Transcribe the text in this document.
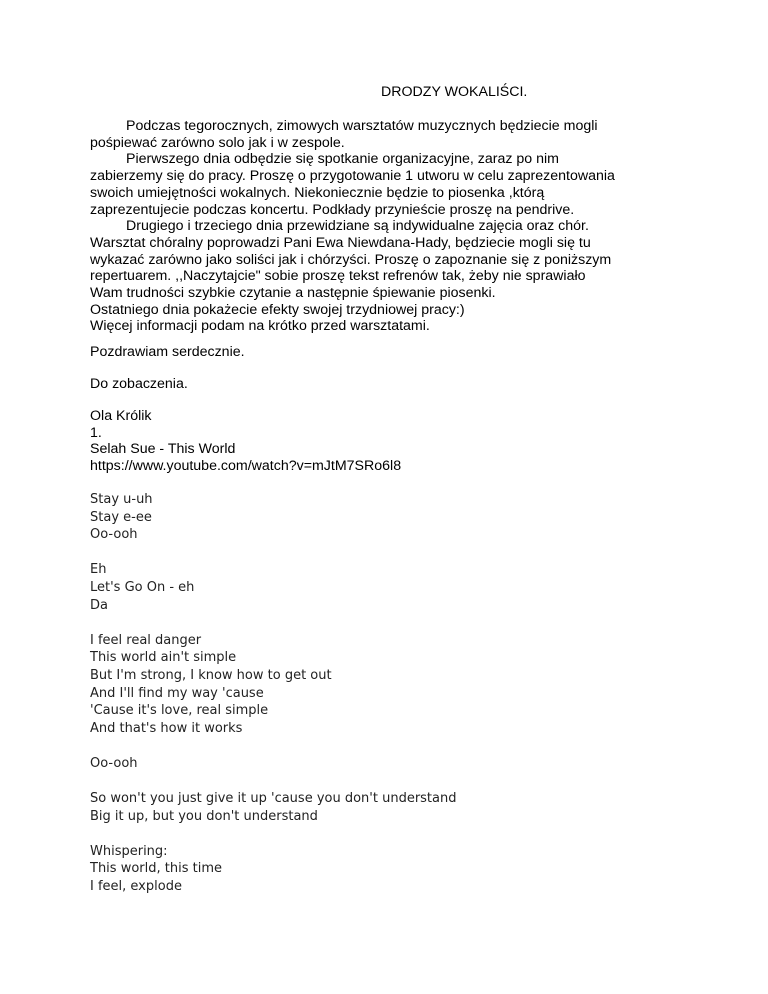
DRODZY WOKALIŚCI.
Podczas tegorocznych, zimowych warsztatów muzycznych będziecie mogli
pośpiewać zarówno solo jak i w zespole.
Pierwszego dnia odbędzie się spotkanie organizacyjne, zaraz po nim
zabierzemy się do pracy. Proszę o przygotowanie 1 utworu w celu zaprezentowania
swoich umiejętności wokalnych. Niekoniecznie będzie to piosenka ,którą
zaprezentujecie podczas koncertu. Podkłady przynieście proszę na pendrive.
Drugiego i trzeciego dnia przewidziane są indywidualne zajęcia oraz chór.
Warsztat chóralny poprowadzi Pani Ewa Niewdana-Hady, będziecie mogli się tu
wykazać zarówno jako soliści jak i chórzyści. Proszę o zapoznanie się z poniższym
repertuarem. ,,Naczytajcie" sobie proszę tekst refrenów tak, żeby nie sprawiało
Wam trudności szybkie czytanie a następnie śpiewanie piosenki.
Ostatniego dnia pokażecie efekty swojej trzydniowej pracy:)
Więcej informacji podam na krótko przed warsztatami.
Pozdrawiam serdecznie.
Do zobaczenia.
Ola Królik
1.
Selah Sue - This World
https://www.youtube.com/watch?v=mJtM7SRo6l8
Stay u-uh
Stay e-ee
Oo-ooh
Eh
Let's Go On - eh
Da
I feel real danger
This world ain't simple
But I'm strong, I know how to get out
And I'll find my way 'cause
'Cause it's love, real simple
And that's how it works
Oo-ooh
So won't you just give it up 'cause you don't understand
Big it up, but you don't understand
Whispering:
This world, this time
I feel, explode
